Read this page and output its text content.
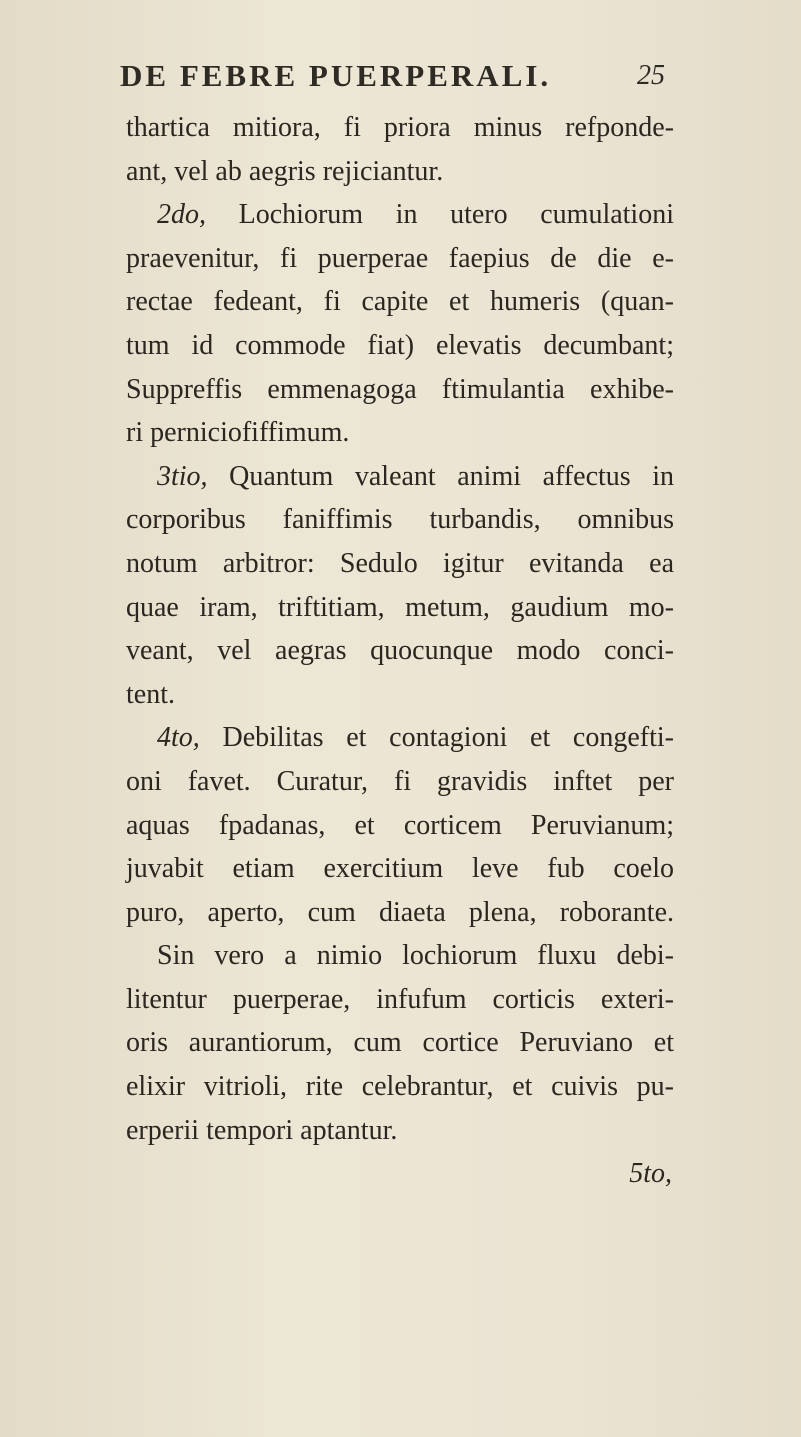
DE FEBRE PUERPERALI.	25
thartica mitiora, fi priora minus refponde-
ant, vel ab aegris rejiciantur.
2do, Lochiorum in utero cumulationi
praevenitur, fi puerperae faepius de die e-
rectae fedeant, fi capite et humeris (quan-
tum id commode fiat) elevatis decumbant;
Suppreffis emmenagoga ftimulantia exhibe-
ri perniciofiffimum.
3tio, Quantum valeant animi affectus in
corporibus faniffimis turbandis, omnibus
notum arbitror: Sedulo igitur evitanda ea
quae iram, triftitiam, metum, gaudium mo-
veant, vel aegras quocunque modo conci-
tent.
4to, Debilitas et contagioni et congefti-
oni favet. Curatur, fi gravidis inftet per
aquas fpadanas, et corticem Peruvianum;
juvabit etiam exercitium leve fub coelo
puro, aperto, cum diaeta plena, roborante.
Sin vero a nimio lochiorum fluxu debi-
litentur puerperae, infufum corticis exteri-
oris aurantiorum, cum cortice Peruviano et
elixir vitrioli, rite celebrantur, et cuivis pu-
erperii tempori aptantur.
5to,
